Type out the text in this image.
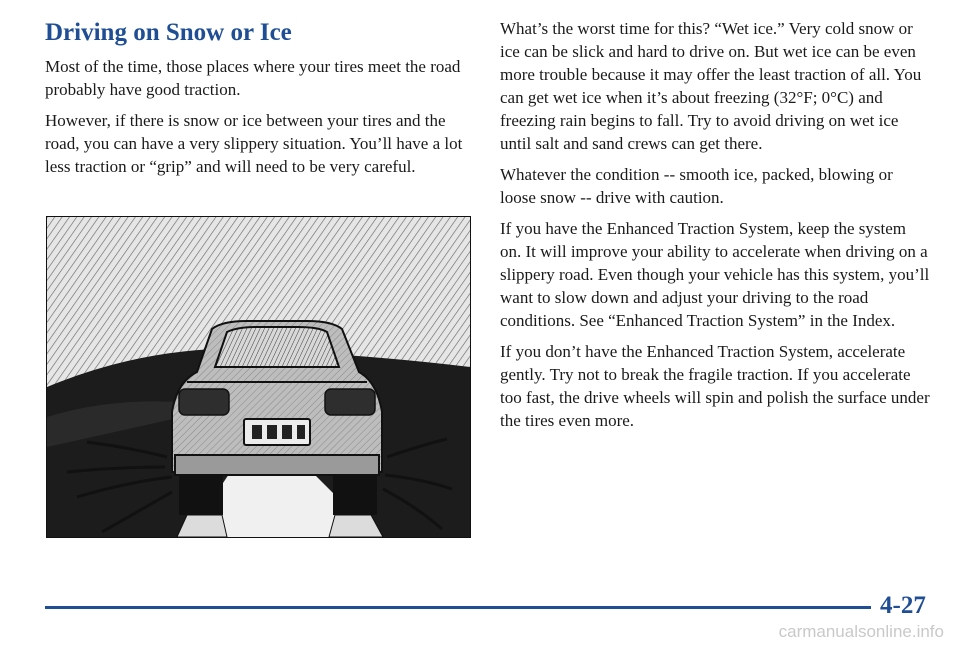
Driving on Snow or Ice

Most of the time, those places where your tires meet the road probably have good traction.

However, if there is snow or ice between your tires and the road, you can have a very slippery situation. You’ll have a lot less traction or “grip” and will need to be very careful.

What’s the worst time for this? “Wet ice.” Very cold snow or ice can be slick and hard to drive on. But wet ice can be even more trouble because it may offer the least traction of all. You can get wet ice when it’s about freezing (32°F; 0°C) and freezing rain begins to fall. Try to avoid driving on wet ice until salt and sand crews can get there.

Whatever the condition -- smooth ice, packed, blowing or loose snow -- drive with caution.

If you have the Enhanced Traction System, keep the system on. It will improve your ability to accelerate when driving on a slippery road. Even though your vehicle has this system, you’ll want to slow down and adjust your driving to the road conditions. See “Enhanced Traction System” in the Index.

If you don’t have the Enhanced Traction System, accelerate gently. Try not to break the fragile traction. If you accelerate too fast, the drive wheels will spin and polish the surface under the tires even more.

4-27
carmanualsonline.info
